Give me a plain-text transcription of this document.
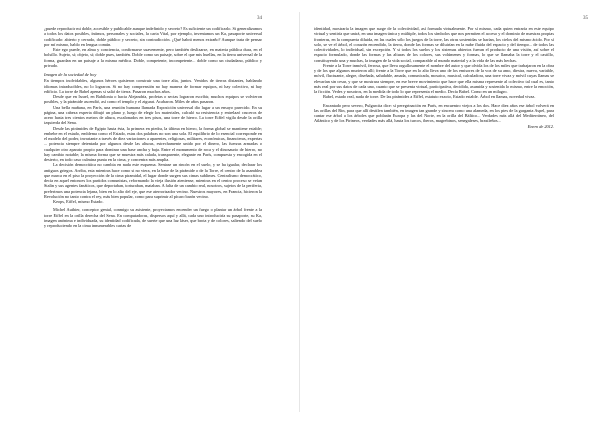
34

¿puede reproducir mi doble, accesible y publicable aunque indefinido y secreto? Es suficiente un codificarlo. Si generalizamos a todos los datos posibles, íntimos, personales y sociales, la carta Vital, por ejemplo, inventamos un Ka, pasaporte universal codificado: abierto y cerrado, doble público y secreto, sin contradicción. ¿Qué habrá menos extraño? Aunque trata de pensar por mí mismo, hablo en lengua común.

Este ego puede, en alma y conciencia, confirmarse suavemente, pero también deslizarse, en materia pública dura, en el bolsillo. Sujeto, sí; objeto, sí; doble pues, también. Doble como un paisaje, sobre el que mis huellas, en la tierra universal de la forma, guardan en un paisaje a la misma médica. Doble, competente, incompetente... doble como un ciudadano, público y privado.

Imagen de la sociedad de hoy

En tiempos inolvidables, algunos héroes quisieron construir una torre alta, juntos. Venidos de tierras distantes, hablando idiomas intraducibles, no lo lograron. Si no hay comprensión no hay manera de formar equipos, ni hay colectivo, ni hay edificio. La torre de Babel apenas si salió de tierra. Pasaron muchos años.

Desde que en Israel, en Babilonia o hacia Alejandría, profetas o sectas lograron escribir, muchos equipos se volvieron posibles, y la pirámide ascendió, así como el templo y el zigurat. Acabaron. Miles de años pasaron.

Una bella mañana, en París, una reunión humana llamada Exposición universal dio lugar a un ensayo parecido. En su página, una cabeza experta dibujó un plano y, luego de elegir los materiales, calculó su resistencia y entrelazó cruceros de acero hasta tres cientos metros de altura, escalonados en tres pisos, una torre de hierro. La torre Eiffel vigila desde la orilla izquierda del Sena.

Desde las pirámides de Egipto hasta ésta, la primera en piedra, la última en hierro, la forma global se mantiene estable; embebe en el estado, emblema como el Estado, estas dos palabras no son una sola. El equilibrio de lo esencial corresponde en el modelo del poder, invariante a través de diez variaciones a aparentes, religiosas, militares, económicas, financieras, expertas ... potencia siempre detentada por algunos desde las alturas, estrechamente unido por el dinero, las fuerzas armadas o cualquier otro aparato propio para dominar una base ancha y baja. Entre el monumento de roca y el dinosaurio de hierro, no hay cambio notable; la misma forma que se muestra más calada, transparente, elegante en París, compuesta y encogida en el desierto, en todo caso culmina punta en la cima, y concentra más amplia.

La decisión democrática no cambia en nada este esquema. Sentase un rincón en el suelo, y se ha igualar, declarar los antiguos griegos. Arriba, esta mientras hace como si no viera, en la base de la pirámide o de la Torre, el centro de la asamblea que marca en el piso la proyección de la cima piramidal, el lugar donde surgen sus cimas sublimes. Centralismo democrático, decía en aquel entonces los partidos comunistas, reformando la vieja ilusión ateniense, mientras en el centro proceso se veían Stalin y sus agentes fanáticos, que deportaban, torturaban, mataban. A falta de un cambio real, nosotros, sujetos de la periferia, preferimos una potencia lejana, bien en lo alto del eje, que ese aterrorizador vecino. Nuestros mayores, en Francia, hicieron la Revolución no tanto contra el rey, más bien popular, como para suprimir al pícaro barón vecino.

Keops, Eiffel, mismo Estado.

Michel Authier, conceptor genial, conmigo su asistente, proyectamos encender un fuego o plantar un árbol frente a la torre Eiffel en la orilla derecha del Sena. En computadoras, dispersos aquí y allá, cada uno introduciría su pasaporte, su Ka, imagen anónima e individuada, su identidad codificada, de suerte que una luz láser, que brota y de colores, saliendo del suelo y reproduciendo en la cima innumerables cartas de

35

identidad, mostraría la imagen que surge de la colectividad, así formada virtualmente. Por sí mismo, cada quien entraría en este equipo virtual y sentiría que unirá, en una imagen única y múltiple, todos los símbolos que nos permiten el acceso y el dominio de nuestras propias fronteras, en la compuerta diluida, en las cuales sólo los juegos de la torre, las otras sostenidas se harían, los cielos del mismo ácido. Por sí solo, se ve el árbol, el corazón encendido, la tierra, donde las formas se diluirían en la nube fluida del espacio y del tiempo... de todos las colectividades, lo individual, sin excepción. Y si todos los suelos y los sistemas abiertos fueran el producto de una visión, así sobre el espacio formulado, donde las formas y las alturas de los colores, sus volúmenes y formas, lo que se llamaba la torre y el castillo, constituyendo una y muchas, la imagen de la vida social, comparable al mundo material y a la vida de las más hechas.

Frente a la Torre inmóvil, ferrosa, que lleva orgullosamente el nombre del autor y que olvida los de los miles que trabajaron en la obra y de los que algunos murieron allí; frente a la Torre que en lo alto lleva uno de los emisores de la voz de su amo, diestra, nueva, variable, móvil, fluctuante, alegre, diseñada, saludable, amada, comunicada, mosaico, musical, calculadora, una torre vivaz y móvil cuyas llamas se elevarían sin cesar, y que se mostrara siempre, en ese breve movimiento que hace que ella misma represente al colectivo tal cual es, tanto más real por sus datos de cada uno, cuanto que se presenta virtual, participativa, decidida, asumida y sostenida lo mismo, entre la emoción, la ficción. Vedes y nosotros, en la medida de todo lo que representa el medio. Decía Babel. Como en un milagro.

Babel, estado real, nada de torre. De las pirámides a Eiffel, estatuto exacto, Estado estable. Árbol en llamas, novedad vivaz.

Encantado pero severo, Pulgarcita dice: sí peregrinación en París, en encuentro viejos a los dos. Hace diez años ese árbol volverá en las orillas del Rin, para que allí destilen también, en imagen tan grande y sincera como una alameda, en los pies de la garganta Aspel, para cantar ese árbol a los árboles que poblarán Europa y las del Norte, en la orilla del Báltico... Verdades más allá del Mediterráneo, del Atlántico y de los Pirineos, verdades más allá, hasta los turcos, iberos, magrebinos, senegaleses, brasileños...

Enero de 2012.
